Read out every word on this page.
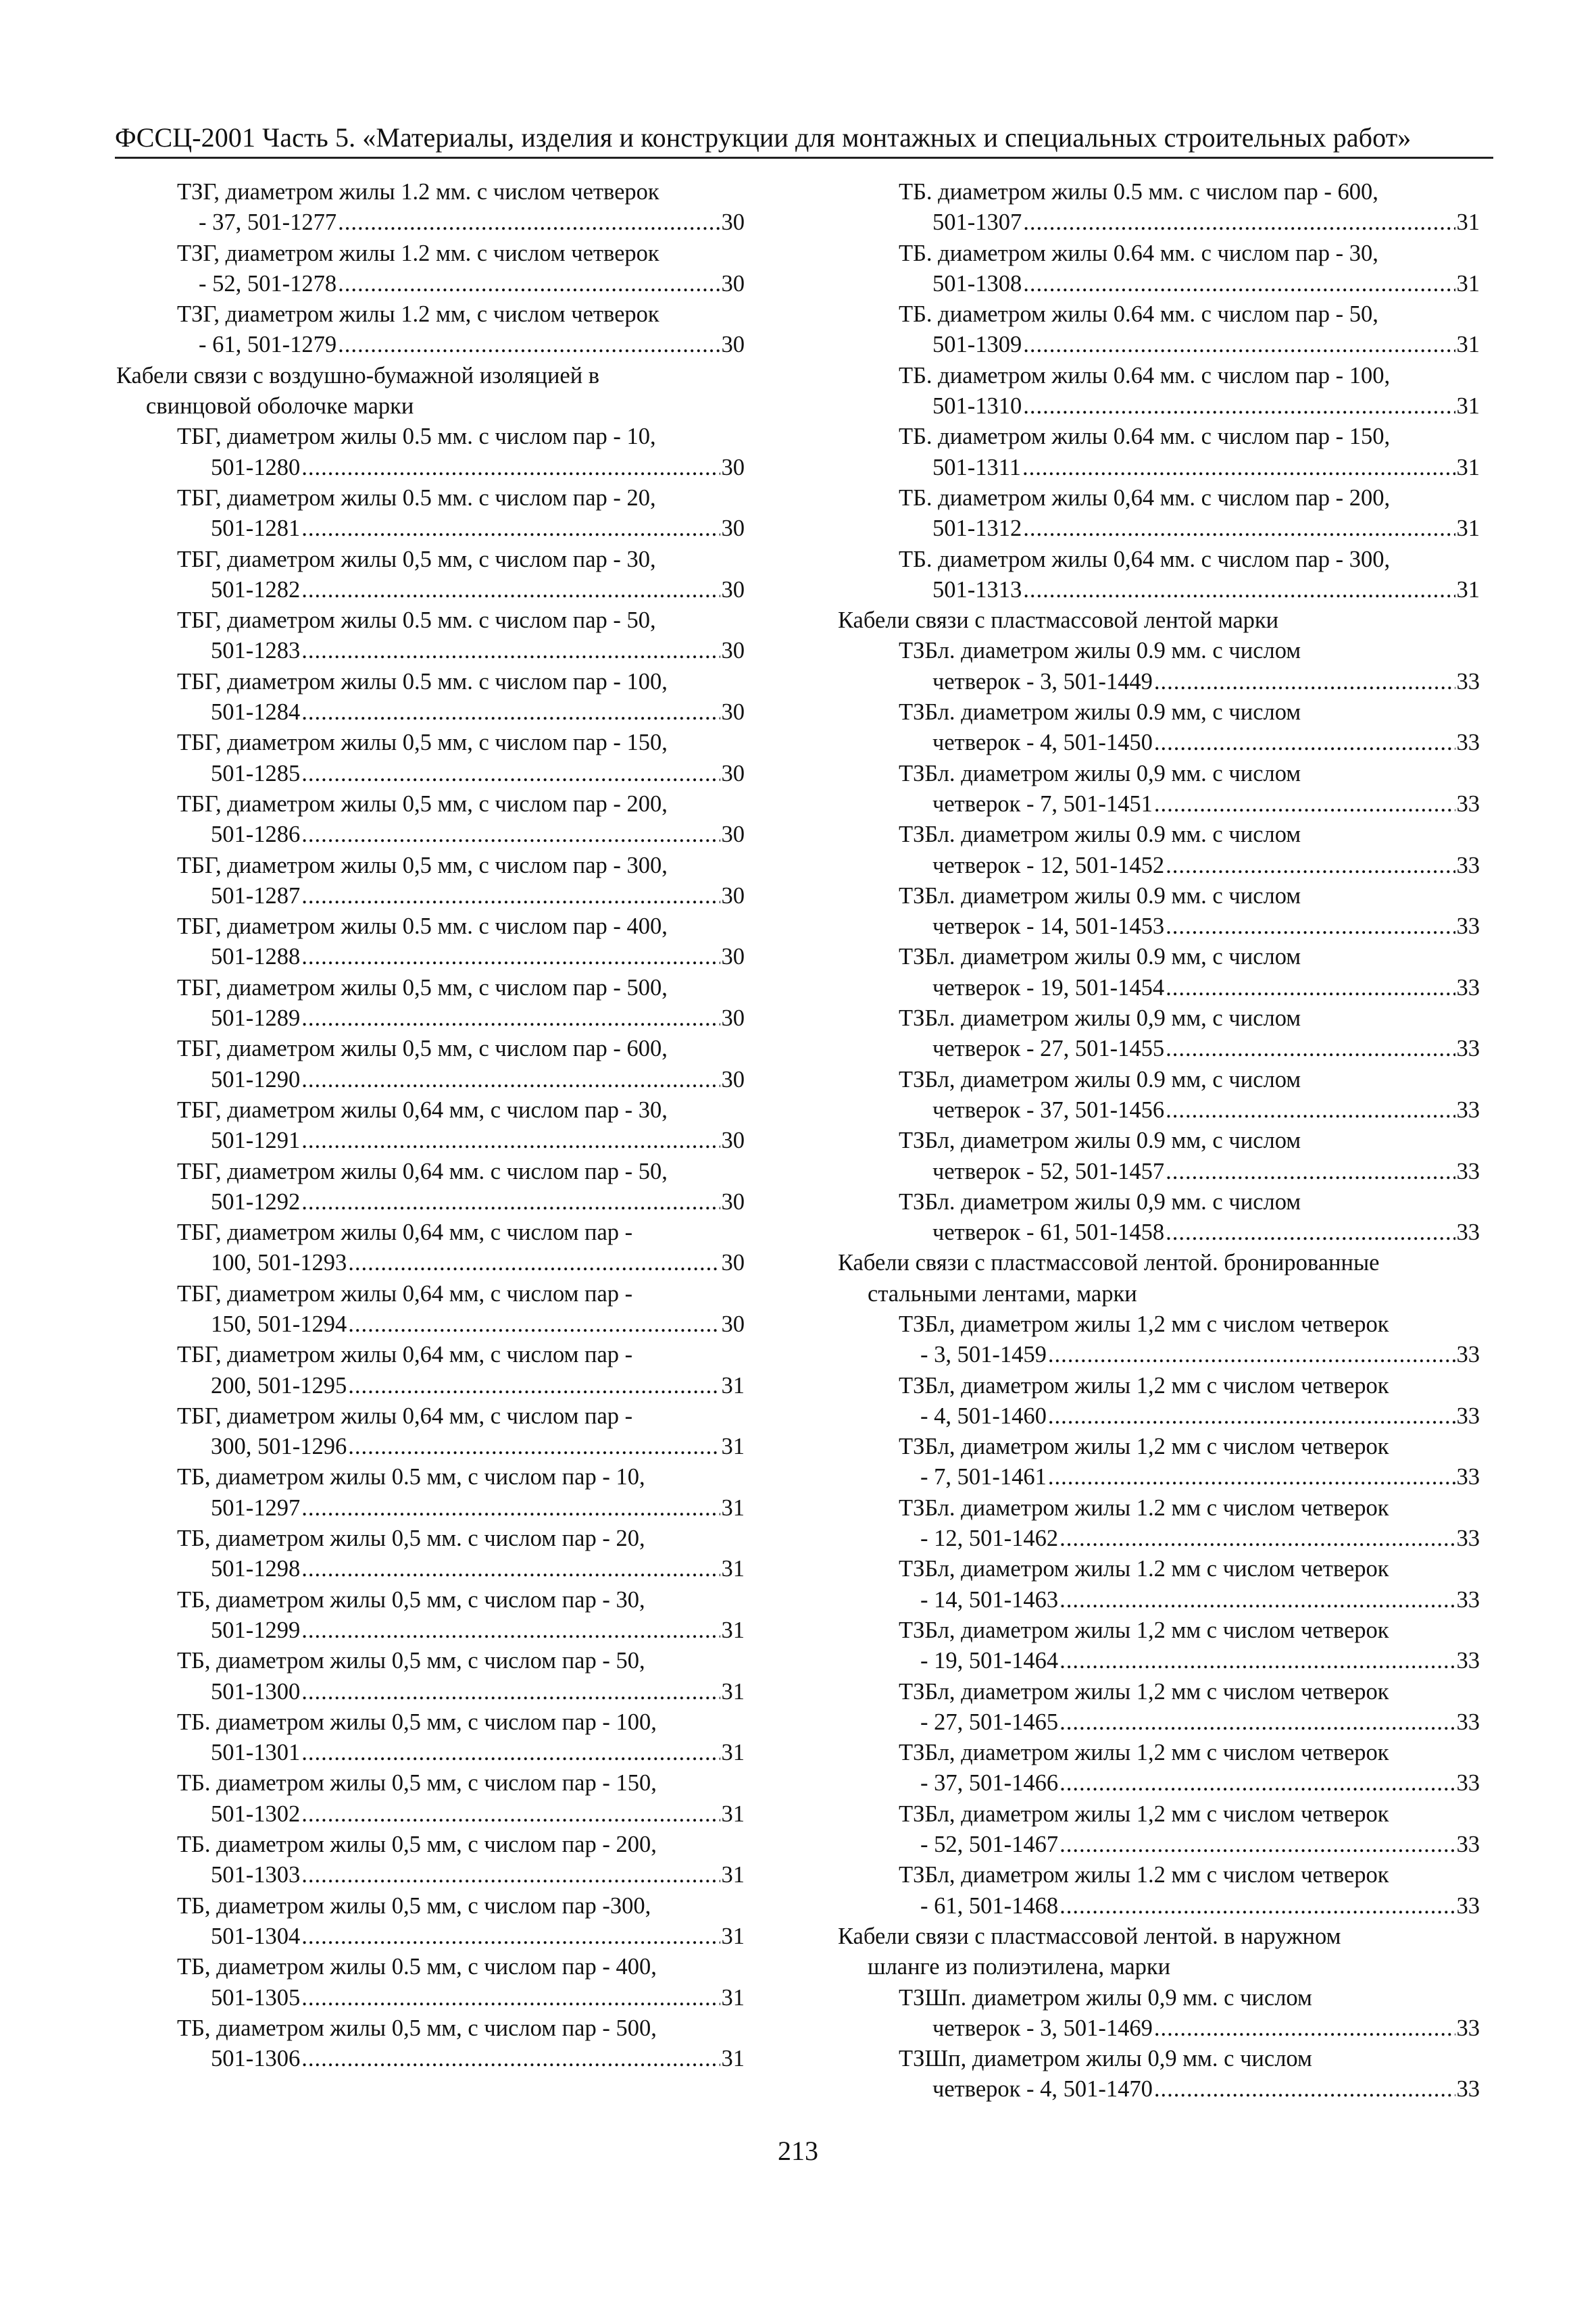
ФССЦ-2001 Часть 5. «Материалы, изделия и конструкции для монтажных и специальных строительных работ»
ТЗГ, диаметром жилы 1.2 мм. с числом четверок
- 37, 501-1277 .....	30
ТЗГ, диаметром жилы 1.2 мм. с числом четверок
- 52, 501-1278 .....	30
ТЗГ, диаметром жилы 1.2 мм, с числом четверок
- 61, 501-1279 .....	30
Кабели связи с воздушно-бумажной изоляцией в
свинцовой оболочке марки
ТБГ, диаметром жилы 0.5 мм. с числом пар - 10,
501-1280 .....	30
ТБГ, диаметром жилы 0.5 мм. с числом пар - 20,
501-1281 .....	30
ТБГ, диаметром жилы 0,5 мм, с числом пар - 30,
501-1282 .....	30
ТБГ, диаметром жилы 0.5 мм. с числом пар - 50,
501-1283 .....	30
ТБГ, диаметром жилы 0.5 мм. с числом пар - 100,
501-1284 .....	30
ТБГ, диаметром жилы 0,5 мм, с числом пар - 150,
501-1285 .....	30
ТБГ, диаметром жилы 0,5 мм, с числом пар - 200,
501-1286 .....	30
ТБГ, диаметром жилы 0,5 мм, с числом пар - 300,
501-1287 .....	30
ТБГ, диаметром жилы 0.5 мм. с числом пар - 400,
501-1288 .....	30
ТБГ, диаметром жилы 0,5 мм, с числом пар - 500,
501-1289 .....	30
ТБГ, диаметром жилы 0,5 мм, с числом пар - 600,
501-1290 .....	30
ТБГ, диаметром жилы 0,64 мм, с числом пар - 30,
501-1291 .....	30
ТБГ, диаметром жилы 0,64 мм. с числом пар - 50,
501-1292 .....	30
ТБГ, диаметром жилы 0,64 мм, с числом пар -
100, 501-1293 .....	30
ТБГ, диаметром жилы 0,64 мм, с числом пар -
150, 501-1294 .....	30
ТБГ, диаметром жилы 0,64 мм, с числом пар -
200, 501-1295 .....	31
ТБГ, диаметром жилы 0,64 мм, с числом пар -
300, 501-1296 .....	31
ТБ, диаметром жилы 0.5 мм, с числом пар - 10,
501-1297 .....	31
ТБ, диаметром жилы 0,5 мм. с числом пар - 20,
501-1298 .....	31
ТБ, диаметром жилы 0,5 мм, с числом пар - 30,
501-1299 .....	31
ТБ, диаметром жилы 0,5 мм, с числом пар - 50,
501-1300 .....	31
ТБ. диаметром жилы 0,5 мм, с числом пар - 100,
501-1301 .....	31
ТБ. диаметром жилы 0,5 мм, с числом пар - 150,
501-1302 .....	31
ТБ. диаметром жилы 0,5 мм, с числом пар - 200,
501-1303 .....	31
ТБ, диаметром жилы 0,5 мм, с числом пар -300,
501-1304 .....	31
ТБ, диаметром жилы 0.5 мм, с числом пар - 400,
501-1305 .....	31
ТБ, диаметром жилы 0,5 мм, с числом пар - 500,
501-1306 .....	31
ТБ. диаметром жилы 0.5 мм. с числом пар - 600,
501-1307 .....	31
ТБ. диаметром жилы 0.64 мм. с числом пар - 30,
501-1308 .....	31
ТБ. диаметром жилы 0.64 мм. с числом пар - 50,
501-1309 .....	31
ТБ. диаметром жилы 0.64 мм. с числом пар - 100,
501-1310 .....	31
ТБ. диаметром жилы 0.64 мм. с числом пар - 150,
501-1311 .....	31
ТБ. диаметром жилы 0,64 мм. с числом пар - 200,
501-1312 .....	31
ТБ. диаметром жилы 0,64 мм. с числом пар - 300,
501-1313 .....	31
Кабели связи с пластмассовой лентой марки
ТЗБл. диаметром жилы 0.9 мм. с числом
четверок - 3, 501-1449 .....	33
ТЗБл. диаметром жилы 0.9 мм, с числом
четверок - 4, 501-1450 .....	33
ТЗБл. диаметром жилы 0,9 мм. с числом
четверок - 7, 501-1451 .....	33
ТЗБл. диаметром жилы 0.9 мм. с числом
четверок - 12, 501-1452 .....	33
ТЗБл. диаметром жилы 0.9 мм. с числом
четверок - 14, 501-1453 .....	33
ТЗБл. диаметром жилы 0.9 мм, с числом
четверок - 19, 501-1454 .....	33
ТЗБл. диаметром жилы 0,9 мм, с числом
четверок - 27, 501-1455 .....	33
ТЗБл, диаметром жилы 0.9 мм, с числом
четверок - 37, 501-1456 .....	33
ТЗБл, диаметром жилы 0.9 мм, с числом
четверок - 52, 501-1457 .....	33
ТЗБл. диаметром жилы 0,9 мм. с числом
четверок - 61, 501-1458 .....	33
Кабели связи с пластмассовой лентой. бронированные
стальными лентами, марки
ТЗБл, диаметром жилы 1,2 мм с числом четверок
- 3, 501-1459 .....	33
ТЗБл, диаметром жилы 1,2 мм с числом четверок
- 4, 501-1460 .....	33
ТЗБл, диаметром жилы 1,2 мм с числом четверок
- 7, 501-1461 .....	33
ТЗБл. диаметром жилы 1.2 мм с числом четверок
- 12, 501-1462 .....	33
ТЗБл, диаметром жилы 1.2 мм с числом четверок
- 14, 501-1463 .....	33
ТЗБл, диаметром жилы 1,2 мм с числом четверок
- 19, 501-1464 .....	33
ТЗБл, диаметром жилы 1,2 мм с числом четверок
- 27, 501-1465 .....	33
ТЗБл, диаметром жилы 1,2 мм с числом четверок
- 37, 501-1466 .....	33
ТЗБл, диаметром жилы 1,2 мм с числом четверок
- 52, 501-1467 .....	33
ТЗБл, диаметром жилы 1.2 мм с числом четверок
- 61, 501-1468 .....	33
Кабели связи с пластмассовой лентой. в наружном
шланге из полиэтилена, марки
ТЗШп. диаметром жилы 0,9 мм. с числом
четверок - 3, 501-1469 .....	33
ТЗШп, диаметром жилы 0,9 мм. с числом
четверок - 4, 501-1470 .....	33
213
